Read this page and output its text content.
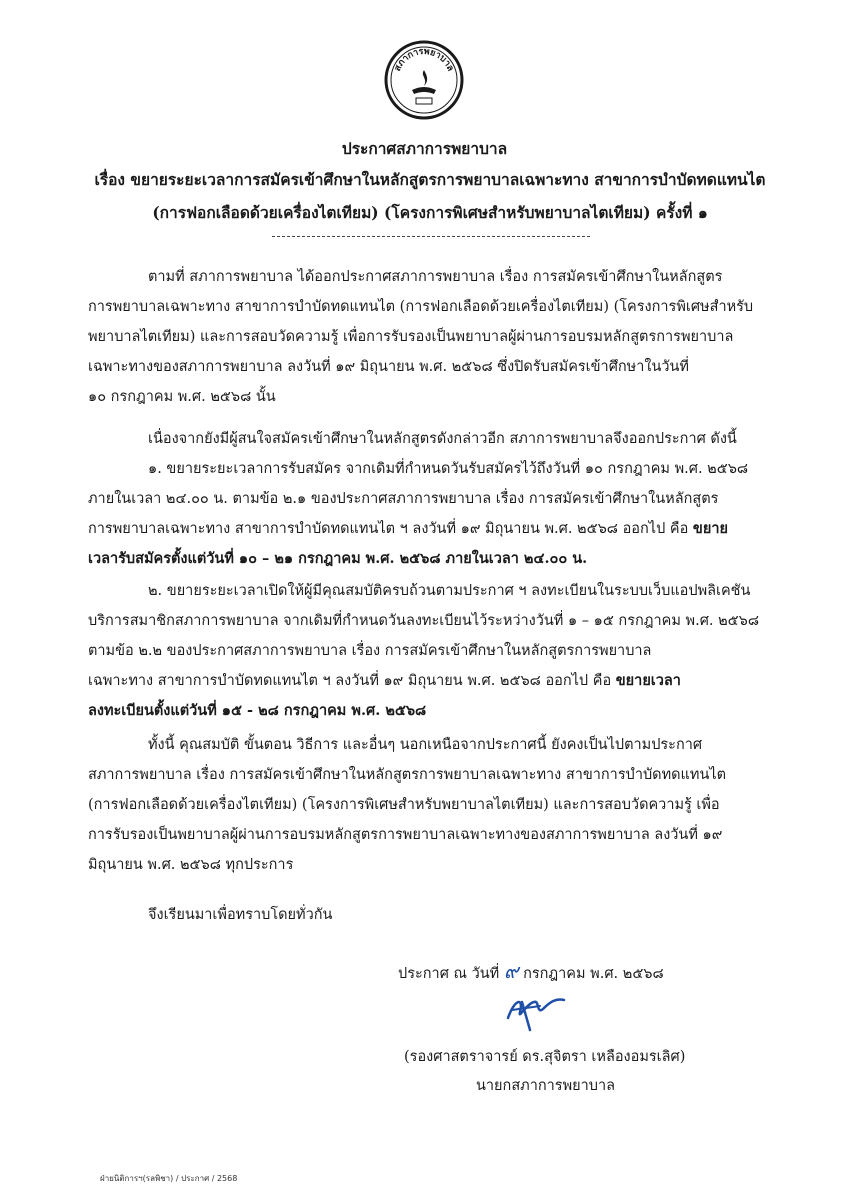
สภาการพยาบาล
ประกาศสภาการพยาบาล
เรื่อง ขยายระยะเวลาการสมัครเข้าศึกษาในหลักสูตรการพยาบาลเฉพาะทาง สาขาการบำบัดทดแทนไต
(การฟอกเลือดด้วยเครื่องไตเทียม) (โครงการพิเศษสำหรับพยาบาลไตเทียม) ครั้งที่ ๑
ตามที่ สภาการพยาบาล ได้ออกประกาศสภาการพยาบาล เรื่อง การสมัครเข้าศึกษาในหลักสูตร
การพยาบาลเฉพาะทาง สาขาการบำบัดทดแทนไต (การฟอกเลือดด้วยเครื่องไตเทียม) (โครงการพิเศษสำหรับ
พยาบาลไตเทียม) และการสอบวัดความรู้ เพื่อการรับรองเป็นพยาบาลผู้ผ่านการอบรมหลักสูตรการพยาบาล
เฉพาะทางของสภาการพยาบาล ลงวันที่ ๑๙ มิถุนายน พ.ศ. ๒๕๖๘ ซึ่งปิดรับสมัครเข้าศึกษาในวันที่
๑๐ กรกฎาคม พ.ศ. ๒๕๖๘ นั้น
เนื่องจากยังมีผู้สนใจสมัครเข้าศึกษาในหลักสูตรดังกล่าวอีก สภาการพยาบาลจึงออกประกาศ ดังนี้
๑. ขยายระยะเวลาการรับสมัคร จากเดิมที่กำหนดวันรับสมัครไว้ถึงวันที่ ๑๐ กรกฎาคม พ.ศ. ๒๕๖๘
ภายในเวลา ๒๔.๐๐ น. ตามข้อ ๒.๑ ของประกาศสภาการพยาบาล เรื่อง การสมัครเข้าศึกษาในหลักสูตร
การพยาบาลเฉพาะทาง สาขาการบำบัดทดแทนไต ฯ ลงวันที่ ๑๙ มิถุนายน พ.ศ. ๒๕๖๘ ออกไป คือ ขยาย
เวลารับสมัครตั้งแต่วันที่ ๑๐ – ๒๑ กรกฎาคม พ.ศ. ๒๕๖๘ ภายในเวลา ๒๔.๐๐ น.
๒. ขยายระยะเวลาเปิดให้ผู้มีคุณสมบัติครบถ้วนตามประกาศ ฯ ลงทะเบียนในระบบเว็บแอปพลิเคชัน
บริการสมาชิกสภาการพยาบาล จากเดิมที่กำหนดวันลงทะเบียนไว้ระหว่างวันที่ ๑ – ๑๕ กรกฎาคม พ.ศ. ๒๕๖๘
ตามข้อ ๒.๒ ของประกาศสภาการพยาบาล เรื่อง การสมัครเข้าศึกษาในหลักสูตรการพยาบาล
เฉพาะทาง สาขาการบำบัดทดแทนไต ฯ ลงวันที่ ๑๙ มิถุนายน พ.ศ. ๒๕๖๘ ออกไป คือ ขยายเวลา
ลงทะเบียนตั้งแต่วันที่ ๑๕ - ๒๘ กรกฎาคม พ.ศ. ๒๕๖๘
ทั้งนี้ คุณสมบัติ ขั้นตอน วิธีการ และอื่นๆ นอกเหนือจากประกาศนี้ ยังคงเป็นไปตามประกาศ
สภาการพยาบาล เรื่อง การสมัครเข้าศึกษาในหลักสูตรการพยาบาลเฉพาะทาง สาขาการบำบัดทดแทนไต
(การฟอกเลือดด้วยเครื่องไตเทียม) (โครงการพิเศษสำหรับพยาบาลไตเทียม) และการสอบวัดความรู้ เพื่อ
การรับรองเป็นพยาบาลผู้ผ่านการอบรมหลักสูตรการพยาบาลเฉพาะทางของสภาการพยาบาล ลงวันที่ ๑๙
มิถุนายน พ.ศ. ๒๕๖๘ ทุกประการ
จึงเรียนมาเพื่อทราบโดยทั่วกัน
ประกาศ ณ วันที่ ๙ กรกฎาคม พ.ศ. ๒๕๖๘
(รองศาสตราจารย์ ดร.สุจิตรา เหลืองอมรเลิศ)
นายกสภาการพยาบาล
ฝ่ายนิติการฯ(รลพิชา) / ประกาศ / 2568
